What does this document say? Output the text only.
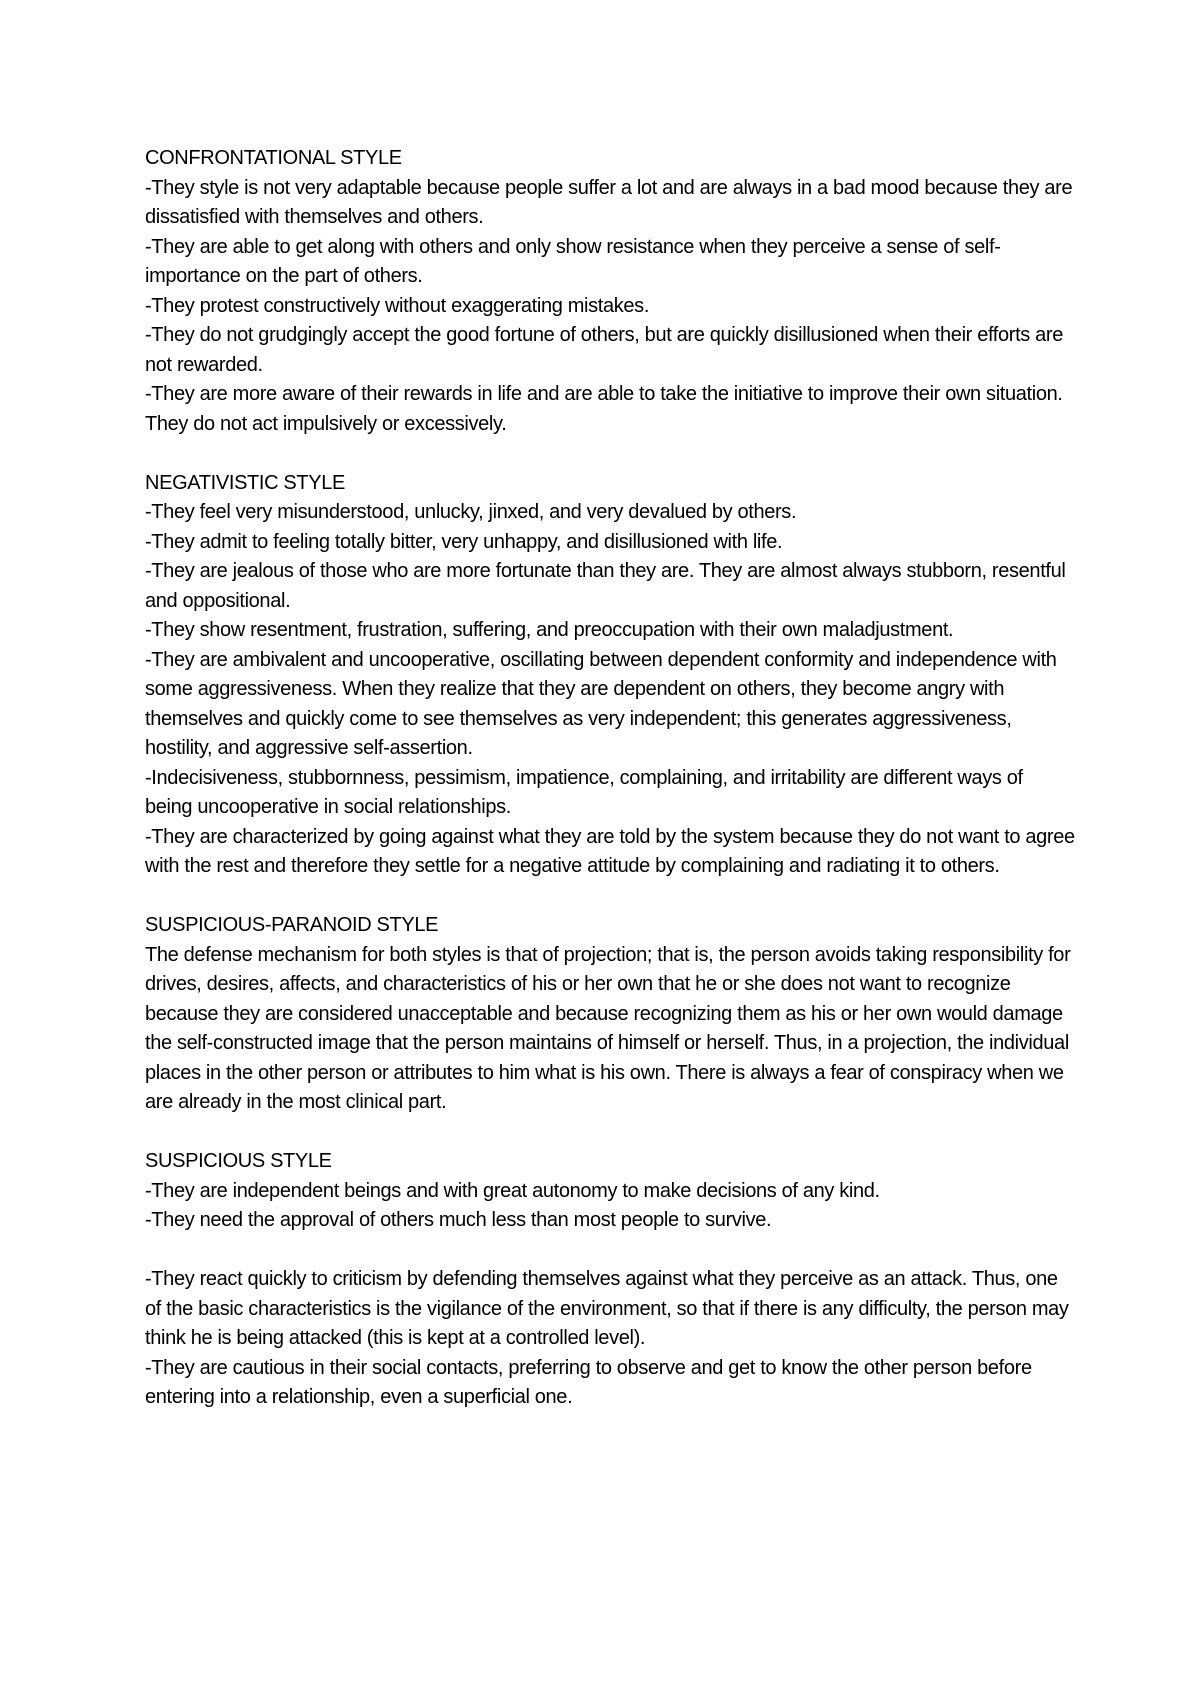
CONFRONTATIONAL STYLE

-They style is not very adaptable because people suffer a lot and are always in a bad mood because they are dissatisfied with themselves and others.

-They are able to get along with others and only show resistance when they perceive a sense of self-importance on the part of others.

-They protest constructively without exaggerating mistakes.

-They do not grudgingly accept the good fortune of others, but are quickly disillusioned when their efforts are not rewarded.

-They are more aware of their rewards in life and are able to take the initiative to improve their own situation. They do not act impulsively or excessively.

NEGATIVISTIC STYLE

-They feel very misunderstood, unlucky, jinxed, and very devalued by others.

-They admit to feeling totally bitter, very unhappy, and disillusioned with life.

-They are jealous of those who are more fortunate than they are. They are almost always stubborn, resentful and oppositional.

-They show resentment, frustration, suffering, and preoccupation with their own maladjustment.

-They are ambivalent and uncooperative, oscillating between dependent conformity and independence with some aggressiveness. When they realize that they are dependent on others, they become angry with themselves and quickly come to see themselves as very independent; this generates aggressiveness, hostility, and aggressive self-assertion.

-Indecisiveness, stubbornness, pessimism, impatience, complaining, and irritability are different ways of being uncooperative in social relationships.

-They are characterized by going against what they are told by the system because they do not want to agree with the rest and therefore they settle for a negative attitude by complaining and radiating it to others.

SUSPICIOUS-PARANOID STYLE

The defense mechanism for both styles is that of projection; that is, the person avoids taking responsibility for drives, desires, affects, and characteristics of his or her own that he or she does not want to recognize because they are considered unacceptable and because recognizing them as his or her own would damage the self-constructed image that the person maintains of himself or herself. Thus, in a projection, the individual places in the other person or attributes to him what is his own. There is always a fear of conspiracy when we are already in the most clinical part.

SUSPICIOUS STYLE

-They are independent beings and with great autonomy to make decisions of any kind.

-They need the approval of others much less than most people to survive.

-They react quickly to criticism by defending themselves against what they perceive as an attack. Thus, one of the basic characteristics is the vigilance of the environment, so that if there is any difficulty, the person may think he is being attacked (this is kept at a controlled level).

-They are cautious in their social contacts, preferring to observe and get to know the other person before entering into a relationship, even a superficial one.
